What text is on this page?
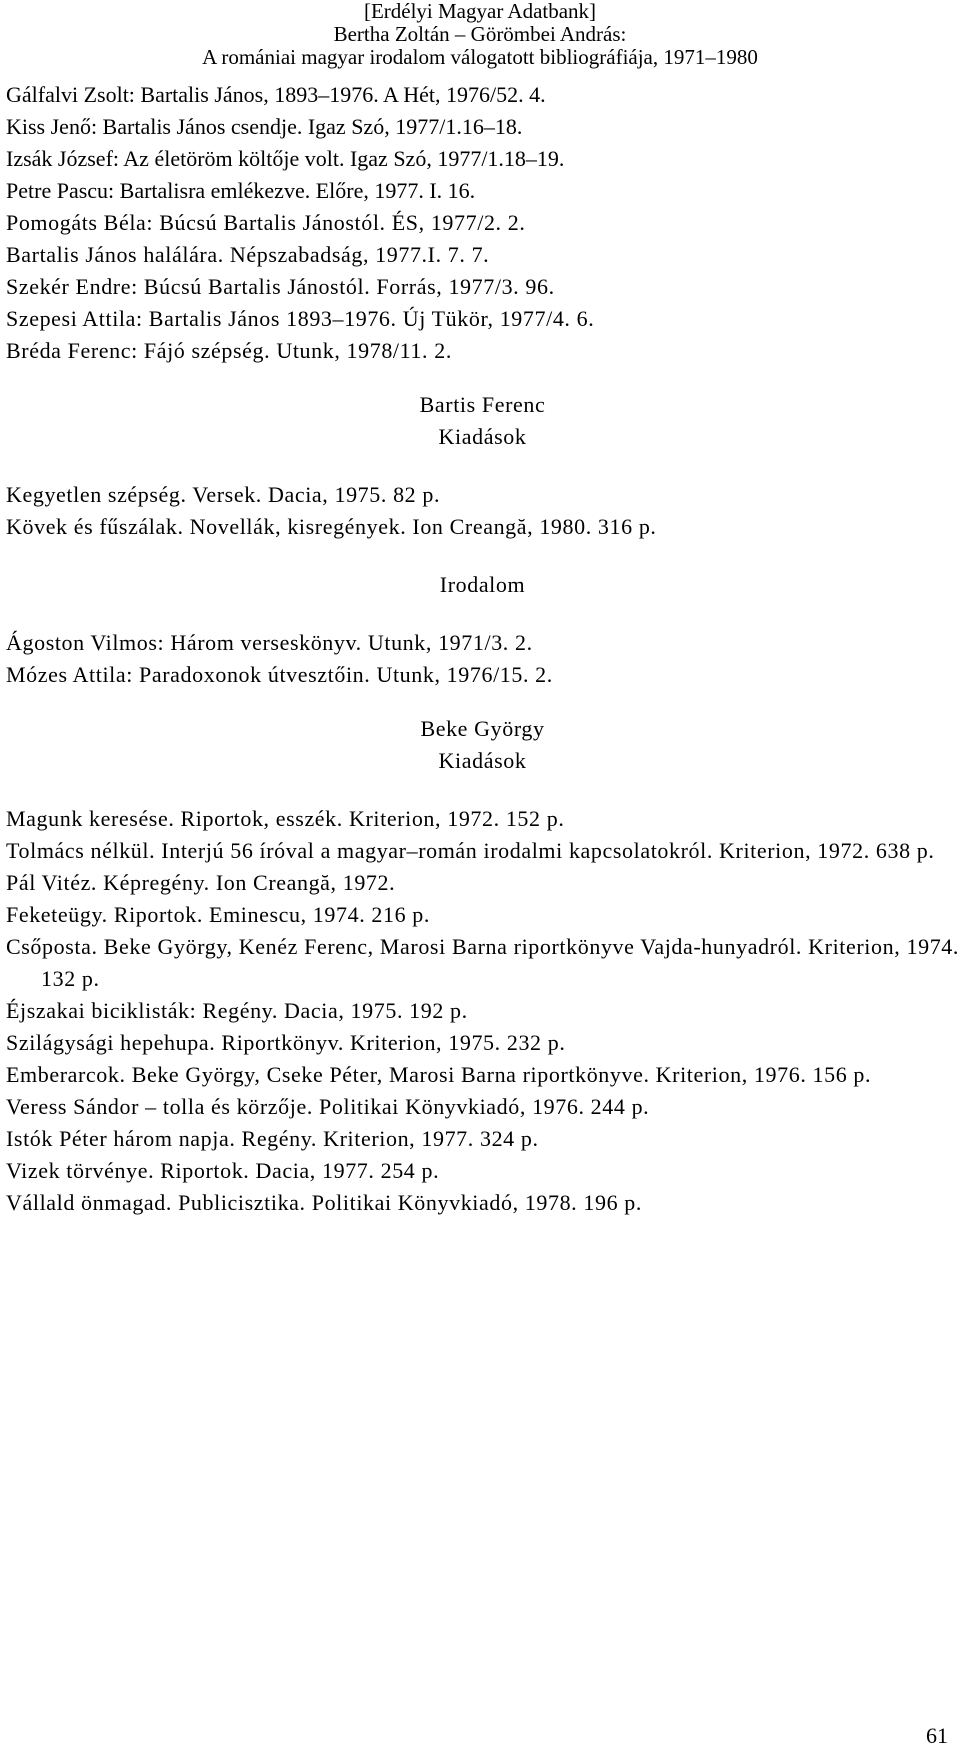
[Erdélyi Magyar Adatbank]
Bertha Zoltán – Görömbei András:
A romániai magyar irodalom válogatott bibliográfiája, 1971–1980
Gálfalvi Zsolt: Bartalis János, 1893–1976. A Hét, 1976/52. 4.
Kiss Jenő: Bartalis János csendje. Igaz Szó, 1977/1.16–18.
Izsák József: Az életöröm költője volt. Igaz Szó, 1977/1.18–19.
Petre Pascu: Bartalisra emlékezve. Előre, 1977. I. 16.
Pomogáts Béla: Búcsú Bartalis Jánostól. ÉS, 1977/2. 2.
Bartalis János halálára. Népszabadság, 1977.I. 7. 7.
Szekér Endre: Búcsú Bartalis Jánostól. Forrás, 1977/3. 96.
Szepesi Attila: Bartalis János 1893–1976. Új Tükör, 1977/4. 6.
Bréda Ferenc: Fájó szépség. Utunk, 1978/11. 2.
Bartis Ferenc
Kiadások
Kegyetlen szépség. Versek. Dacia, 1975. 82 p.
Kövek és fűszálak. Novellák, kisregények. Ion Creangă, 1980. 316 p.
Irodalom
Ágoston Vilmos: Három verseskönyv. Utunk, 1971/3. 2.
Mózes Attila: Paradoxonok útvesztőin. Utunk, 1976/15. 2.
Beke György
Kiadások
Magunk keresése. Riportok, esszék. Kriterion, 1972. 152 p.
Tolmács nélkül. Interjú 56 íróval a magyar–román irodalmi kapcsolatokról. Kriterion, 1972. 638 p.
Pál Vitéz. Képregény. Ion Creangă, 1972.
Feketeügy. Riportok. Eminescu, 1974. 216 p.
Csőposta. Beke György, Kenéz Ferenc, Marosi Barna riportkönyve Vajda-hunyadról. Kriterion, 1974. 132 p.
Éjszakai biciklisták: Regény. Dacia, 1975. 192 p.
Szilágysági hepehupa. Riportkönyv. Kriterion, 1975. 232 p.
Emberarcok. Beke György, Cseke Péter, Marosi Barna riportkönyve. Kriterion, 1976. 156 p.
Veress Sándor – tolla és körzője. Politikai Könyvkiadó, 1976. 244 p.
Istók Péter három napja. Regény. Kriterion, 1977. 324 p.
Vizek törvénye. Riportok. Dacia, 1977. 254 p.
Vállald önmagad. Publicisztika. Politikai Könyvkiadó, 1978. 196 p.
61
